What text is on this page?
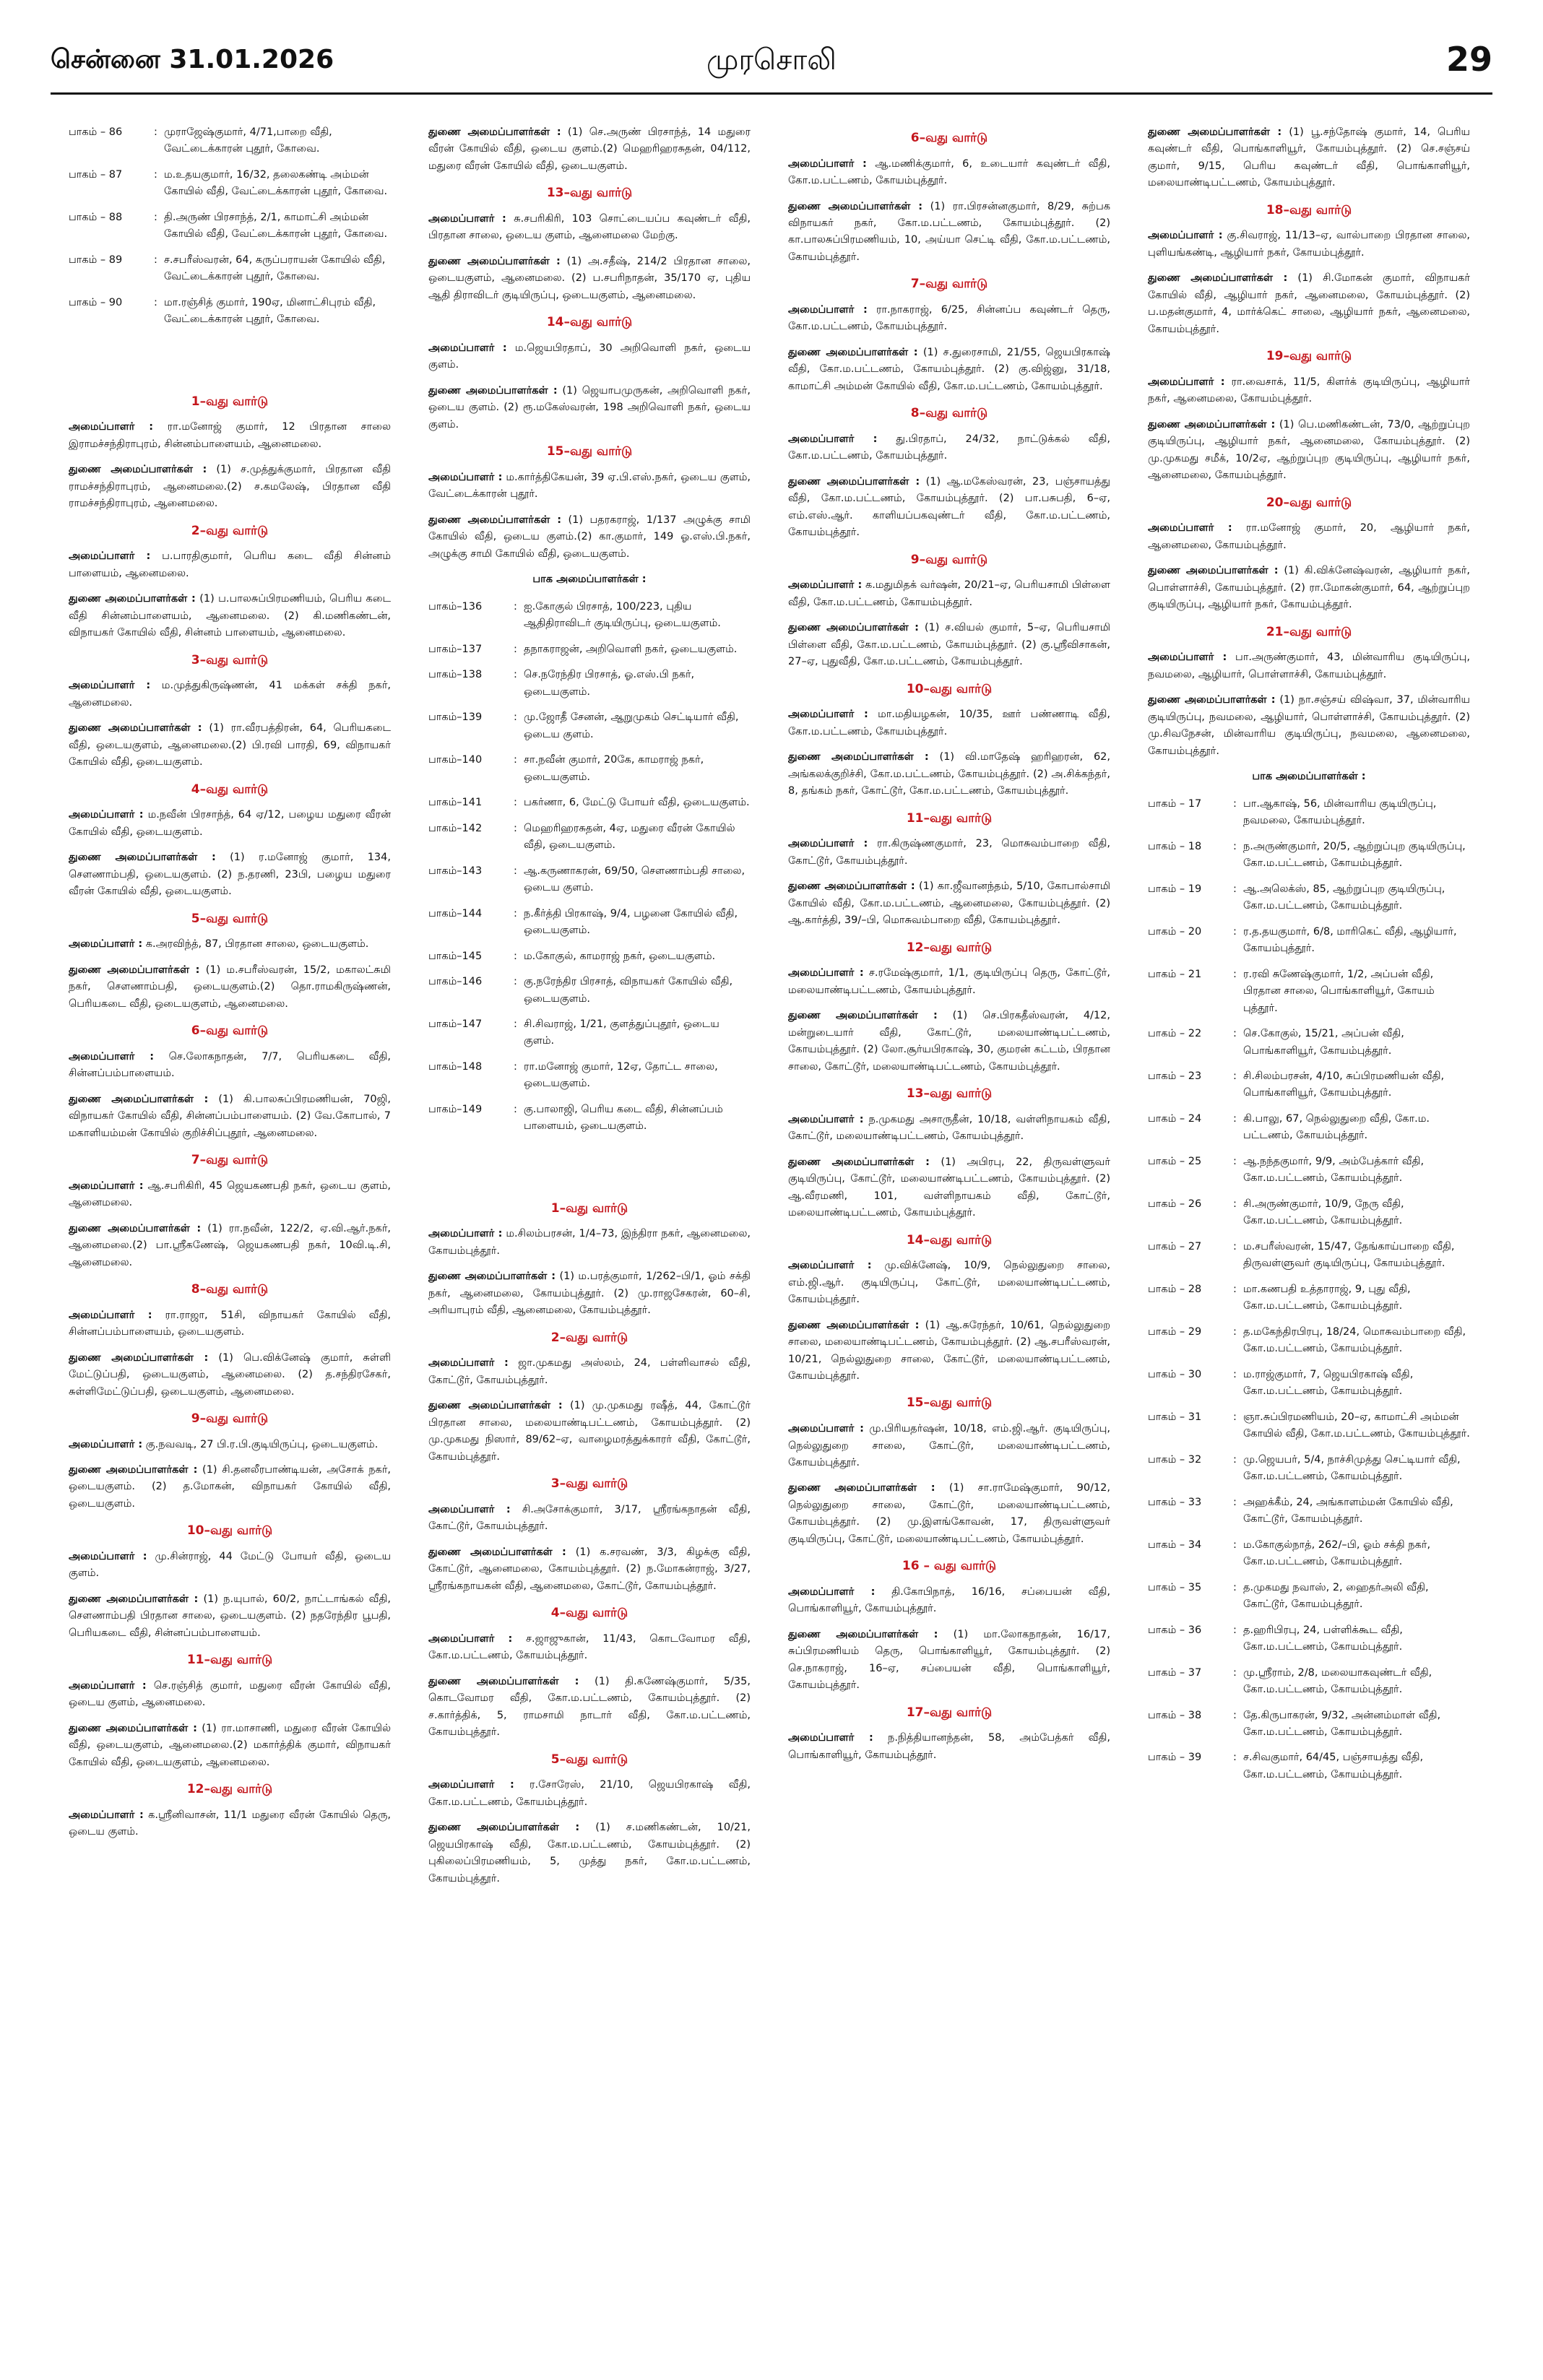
சென்னை 31.01.2026	முரசொலி	29
பாகம் – 86	: முராஜேஷ்குமார், 4/71,பாறை வீதி, வேட்டைக்காரன் புதூர், கோவை.
பாகம் – 87	: ம.உதயகுமார், 16/32, தலைகண்டி அம்மன் கோயில் வீதி, வேட்டைக்காரன் புதூர், கோவை.
பாகம் – 88	: தி.அருண் பிரசாந்த், 2/1, காமாட்சி அம்மன் கோயில் வீதி, வேட்டைக்காரன் புதூர், கோவை.
பாகம் – 89	: ச.சபரீஸ்வரன், 64, கருப்பராயன் கோயில் வீதி, வேட்டைக்காரன் புதூர், கோவை.
பாகம் – 90	: மா.ரஞ்சித் குமார், 190ஏ, மினாட்சிபுரம் வீதி, வேட்டைக்காரன் புதூர், கோவை.
1–வது வார்டு
அமைப்பாளர் : ரா.மனோஜ் குமார், 12 பிரதான சாலை இராமச்சந்திராபுரம், சின்னம்பாளையம், ஆனைமலை.
துணை அமைப்பாளர்கள் : (1) ச.முத்துக்குமார், பிரதான வீதி ராமச்சந்திராபுரம், ஆனைமலை.(2) ச.கமலேஷ், பிரதான வீதி ராமச்சந்திராபுரம், ஆனைமலை.
2–வது வார்டு
அமைப்பாளர் : ப.பாரதிகுமார், பெரிய கடை வீதி சின்னம் பாளையம், ஆனைமலை.
துணை அமைப்பாளர்கள் : (1) ப.பாலசுப்பிரமணியம், பெரிய கடை வீதி சின்னம்பாளையம், ஆனைமலை. (2) கி.மணிகண்டன், விநாயகர் கோயில் வீதி, சின்னம் பாளையம், ஆனைமலை.
3–வது வார்டு
அமைப்பாளர் : ம.முத்துகிருஷ்ணன், 41 மக்கள் சக்தி நகர், ஆனைமலை.
துணை அமைப்பாளர்கள் : (1) ரா.வீரபத்திரன், 64, பெரியகடை வீதி, ஒடையகுளம், ஆனைமலை.(2) பி.ரவி பாரதி, 69, விநாயகர் கோயில் வீதி, ஒடையகுளம்.
4–வது வார்டு
அமைப்பாளர் : ம.நவீன் பிரசாந்த், 64 ஏ/12, பழைய மதுரை வீரன் கோயில் வீதி, ஒடையகுளம்.
துணை அமைப்பாளர்கள் : (1) ர.மனோஜ் குமார், 134, சௌணாம்பதி, ஒடையகுளம். (2) ந.தரணி, 23பி, பழைய மதுரை வீரன் கோயில் வீதி, ஒடையகுளம்.
5–வது வார்டு
அமைப்பாளர் : க.அரவிந்த், 87, பிரதான சாலை, ஒடையகுளம்.
துணை அமைப்பாளர்கள் : (1) ம.சபரீஸ்வரன், 15/2, மகாலட்சுமி நகர், சௌணாம்பதி, ஒடையகுளம்.(2) தொ.ராமகிருஷ்ணன், பெரியகடை வீதி, ஒடையகுளம், ஆனைமலை.
6–வது வார்டு
அமைப்பாளர் : செ.லோகநாதன், 7/7, பெரியகடை வீதி, சின்னப்பம்பாளையம்.
துணை அமைப்பாளர்கள் : (1) கி.பாலசுப்பிரமணியன், 70ஜி, விநாயகர் கோயில் வீதி, சின்னப்பம்பாளையம். (2) வே.கோபால், 7 மகாளியம்மன் கோயில் குறிச்சிப்புதூர், ஆனைமலை.
7–வது வார்டு
அமைப்பாளர் : ஆ.சபரிகிரி, 45 ஜெயகணபதி நகர், ஒடைய குளம், ஆனைமலை.
துணை அமைப்பாளர்கள் : (1) ரா.நவீன், 122/2, ஏ.வி.ஆர்.நகர், ஆனைமலை.(2) பா.ஸ்ரீகணேஷ், ஜெயகணபதி நகர், 10வி.டி.சி, ஆனைமலை.
8–வது வார்டு
அமைப்பாளர் : ரா.ராஜா, 51சி, விநாயகர் கோயில் வீதி, சின்னப்பம்பாளையம், ஒடையகுளம்.
துணை அமைப்பாளர்கள் : (1) பெ.விக்னேஷ் குமார், சுள்ளி மேட்டுப்பதி, ஒடையகுளம், ஆனைமலை. (2) த.சந்திரசேகர், சுள்ளிமேட்டுப்பதி, ஒடையகுளம், ஆனைமலை.
9–வது வார்டு
அமைப்பாளர் : கு.நவவடி, 27 பி.ர.பி.குடியிருப்பு, ஒடையகுளம்.
துணை அமைப்பாளர்கள் : (1) சி.தனலீரபாண்டியன், அசோக் நகர், ஒடையகுளம். (2) த.மோகன், விநாயகர் கோயில் வீதி, ஒடையகுளம்.
10–வது வார்டு
அமைப்பாளர் : மு.சின்ராஜ், 44 மேட்டு போயர் வீதி, ஒடைய குளம்.
துணை அமைப்பாளர்கள் : (1) ந.யுபால், 60/2, நாட்டாங்கல் வீதி, சௌணாம்பதி பிரதான சாலை, ஒடையகுளம். (2) நதரேந்திர பூபதி, பெரியகடை வீதி, சின்னப்பம்பாளையம்.
11–வது வார்டு
அமைப்பாளர் : செ.ரஞ்சித் குமார், மதுரை வீரன் கோயில் வீதி, ஒடைய குளம், ஆனைமலை.
துணை அமைப்பாளர்கள் : (1) ரா.மாசாணி, மதுரை வீரன் கோயில் வீதி, ஒடையகுளம், ஆனைமலை.(2) மகார்த்திக் குமார், விநாயகர் கோயில் வீதி, ஒடையகுளம், ஆனைமலை.
12–வது வார்டு
அமைப்பாளர் : க.ஸ்ரீனிவாசன், 11/1 மதுரை வீரன் கோயில் தெரு, ஒடைய குளம்.
துணை அமைப்பாளர்கள் : (1) செ.அருண் பிரசாந்த், 14 மதுரை வீரன் கோயில் வீதி, ஒடைய குளம்.(2) மெஹரிஹரசுதன், 04/112, மதுரை வீரன் கோயில் வீதி, ஒடையகுளம்.
13–வது வார்டு
அமைப்பாளர் : சு.சபரிகிரி, 103 சொட்டையப்ப கவுண்டர் வீதி, பிரதான சாலை, ஒடைய குளம், ஆனைமலை மேற்கு.
துணை அமைப்பாளர்கள் : (1) அ.சதீஷ், 214/2 பிரதான சாலை, ஒடையகுளம், ஆனைமலை. (2) ப.சபரிநாதன், 35/170 ஏ, புதிய ஆதி திராவிடர் குடியிருப்பு, ஒடையகுளம், ஆனைமலை.
14–வது வார்டு
அமைப்பாளர் : ம.ஜெயபிரதாப், 30 அறிவொளி நகர், ஒடைய குளம்.
துணை அமைப்பாளர்கள் : (1) ஜெயாபமுருகன், அறிவொளி நகர், ஒடைய குளம். (2) ரூ.மகேஸ்வரன், 198 அறிவொளி நகர், ஒடைய குளம்.
15–வது வார்டு
அமைப்பாளர் : ம.கார்த்திகேயன், 39 ஏ.பி.எஸ்.நகர், ஒடைய குளம், வேட்டைக்காரன் புதூர்.
துணை அமைப்பாளர்கள் : (1) பதரகராஜ், 1/137 அழுக்கு சாமி கோயில் வீதி, ஒடைய குளம்.(2) கா.குமார், 149 ஓ.எஸ்.பி.நகர், அழுக்கு சாமி கோயில் வீதி, ஒடையகுளம்.
பாக அமைப்பாளர்கள் :
பாகம்–136	: ஐ.கோகுல் பிரசாத், 100/223, புதிய ஆதிதிராவிடர் குடியிருப்பு, ஒடையகுளம்.
பாகம்–137	: தநாகராஜன், அறிவொளி நகர், ஒடையகுளம்.
பாகம்–138	: செ.நரேந்திர பிரசாத், ஓ.எஸ்.பி நகர், ஒடையகுளம்.
பாகம்–139	: மு.ஜோதீ சேனன், ஆறுமுகம் செட்டியார் வீதி, ஒடைய குளம்.
பாகம்–140	: சா.நவீன் குமார், 20கே, காமராஜ் நகர், ஒடையகுளம்.
பாகம்–141	: பகர்ணா, 6, மேட்டு போயர் வீதி, ஒடையகுளம்.
பாகம்–142	: மெஹரிஹரசுதன், 4ஏ, மதுரை வீரன் கோயில் வீதி, ஒடையகுளம்.
பாகம்–143	: ஆ.கருணாகரன், 69/50, சௌணாம்பதி சாலை, ஒடைய குளம்.
பாகம்–144	: ந.கீர்த்தி பிரகாஷ், 9/4, பழனை கோயில் வீதி, ஒடையகுளம்.
பாகம்–145	: ம.கோகுல், காமராஜ் நகர், ஒடையகுளம்.
பாகம்–146	: கு.நரேந்திர பிரசாத், விநாயகர் கோயில் வீதி, ஒடையகுளம்.
பாகம்–147	: சி.சிவராஜ், 1/21, குளத்துப்புதூர், ஒடைய குளம்.
பாகம்–148	: ரா.மனோஜ் குமார், 12ஏ, தோட்ட சாலை, ஒடையகுளம்.
பாகம்–149	: கு.பாலாஜி, பெரிய கடை வீதி, சின்னப்பம் பாளையம், ஒடையகுளம்.
1–வது வார்டு
அமைப்பாளர் : ம.சிலம்பரசன், 1/4–73, இந்திரா நகர், ஆனைமலை, கோயம்புத்தூர்.
துணை அமைப்பாளர்கள் : (1) ம.பரத்குமார், 1/262–பி/1, ஓம் சக்தி நகர், ஆனைமலை, கோயம்புத்தூர். (2) மு.ராஜசேகரன், 60–சி, அரியாபுரம் வீதி, ஆனைமலை, கோயம்புத்தூர்.
2–வது வார்டு
அமைப்பாளர் : ஜா.முகமது அஸ்லம், 24, பள்ளிவாசல் வீதி, கோட்டூர், கோயம்புத்தூர்.
துணை அமைப்பாளர்கள் : (1) மு.முகமது ரஷீத், 44, கோட்டூர் பிரதான சாலை, மலையாண்டிபட்டணம், கோயம்புத்தூர். (2) மு.முகமது நிஸார், 89/62–ஏ, வாழைமரத்துக்காரர் வீதி, கோட்டூர், கோயம்புத்தூர்.
3–வது வார்டு
அமைப்பாளர் : சி.அசோக்குமார், 3/17, ஸ்ரீரங்கநாதன் வீதி, கோட்டூர், கோயம்புத்தூர்.
துணை அமைப்பாளர்கள் : (1) க.சரவண், 3/3, கிழக்கு வீதி, கோட்டூர், ஆனைமலை, கோயம்புத்தூர். (2) ந.மோகன்ராஜ், 3/27, ஸ்ரீரங்கநாயகன் வீதி, ஆனைமலை, கோட்டூர், கோயம்புத்தூர்.
4–வது வார்டு
அமைப்பாளர் : ச.ஜாஜுகான், 11/43, கொடவோமர வீதி, கோ.ம.பட்டணம், கோயம்புத்தூர்.
துணை அமைப்பாளர்கள் : (1) தி.கணேஷ்குமார், 5/35, கொடவோமர வீதி, கோ.ம.பட்டணம், கோயம்புத்தூர். (2) ச.கார்த்திக், 5, ராமசாமி நாடார் வீதி, கோ.ம.பட்டணம், கோயம்புத்தூர்.
5–வது வார்டு
அமைப்பாளர் : ர.சோரேஸ், 21/10, ஜெயபிரகாஷ் வீதி, கோ.ம.பட்டணம், கோயம்புத்தூர்.
துணை அமைப்பாளர்கள் : (1) ச.மணிகண்டன், 10/21, ஜெயபிரகாஷ் வீதி, கோ.ம.பட்டணம், கோயம்புத்தூர். (2) புகிலைப்பிரமணியம், 5, முத்து நகர், கோ.ம.பட்டணம், கோயம்புத்தூர்.
6–வது வார்டு
அமைப்பாளர் : ஆ.மணிக்குமார், 6, உடையார் கவுண்டர் வீதி, கோ.ம.பட்டணம், கோயம்புத்தூர்.
துணை அமைப்பாளர்கள் : (1) ரா.பிரசன்னகுமார், 8/29, சுற்பக விநாயகர் நகர், கோ.ம.பட்டணம், கோயம்புத்தூர். (2) கா.பாலசுப்பிரமணியம், 10, அய்யா செட்டி வீதி, கோ.ம.பட்டணம், கோயம்புத்தூர்.
7–வது வார்டு
அமைப்பாளர் : ரா.நாகராஜ், 6/25, சின்னப்ப கவுண்டர் தெரு, கோ.ம.பட்டணம், கோயம்புத்தூர்.
துணை அமைப்பாளர்கள் : (1) ச.துரைசாமி, 21/55, ஜெயபிரகாஷ் வீதி, கோ.ம.பட்டணம், கோயம்புத்தூர். (2) கு.விஜ்னு, 31/18, காமாட்சி அம்மன் கோயில் வீதி, கோ.ம.பட்டணம், கோயம்புத்தூர்.
8–வது வார்டு
அமைப்பாளர் : து.பிரதாப், 24/32, நாட்டுக்கல் வீதி, கோ.ம.பட்டணம், கோயம்புத்தூர்.
துணை அமைப்பாளர்கள் : (1) ஆ.மகேஸ்வரன், 23, பஞ்சாயத்து வீதி, கோ.ம.பட்டணம், கோயம்புத்தூர். (2) பா.பசுபதி, 6–ஏ, எம்.எஸ்.ஆர். காளியப்பகவுண்டர் வீதி, கோ.ம.பட்டணம், கோயம்புத்தூர்.
9–வது வார்டு
அமைப்பாளர் : க.மதுமிதக் வர்ஷன், 20/21–ஏ, பெரியசாமி பிள்ளை வீதி, கோ.ம.பட்டணம், கோயம்புத்தூர்.
துணை அமைப்பாளர்கள் : (1) ச.வியல் குமார், 5–ஏ, பெரியசாமி பிள்ளை வீதி, கோ.ம.பட்டணம், கோயம்புத்தூர். (2) கு.ஸ்ரீவிசாகன், 27–ஏ, புதுவீதி, கோ.ம.பட்டணம், கோயம்புத்தூர்.
10–வது வார்டு
அமைப்பாளர் : மா.மதியழகன், 10/35, ஊர் பண்ணாடி வீதி, கோ.ம.பட்டணம், கோயம்புத்தூர்.
துணை அமைப்பாளர்கள் : (1) வி.மாதேஷ் ஹரிஹரன், 62, அங்கலக்குறிச்சி, கோ.ம.பட்டணம், கோயம்புத்தூர். (2) அ.சிக்கந்தர், 8, தங்கம் நகர், கோட்டூர், கோ.ம.பட்டணம், கோயம்புத்தூர்.
11–வது வார்டு
அமைப்பாளர் : ரா.கிருஷ்ணகுமார், 23, மொசுவம்பாறை வீதி, கோட்டூர், கோயம்புத்தூர்.
துணை அமைப்பாளர்கள் : (1) கா.ஜீவானந்தம், 5/10, கோபால்சாமி கோயில் வீதி, கோ.ம.பட்டணம், ஆனைமலை, கோயம்புத்தூர். (2) ஆ.கார்த்தி, 39/–பி, மொசுவம்பாறை வீதி, கோயம்புத்தூர்.
12–வது வார்டு
அமைப்பாளர் : ச.ரமேஷ்குமார், 1/1, குடியிருப்பு தெரு, கோட்டூர், மலையாண்டிபட்டணம், கோயம்புத்தூர்.
துணை அமைப்பாளர்கள் : (1) செ.பிரகதீஸ்வரன், 4/12, மன்றுடையார் வீதி, கோட்டூர், மலையாண்டிபட்டணம், கோயம்புத்தூர். (2) லோ.சூர்யபிரகாஷ், 30, குமரன் கட்டம், பிரதான சாலை, கோட்டூர், மலையாண்டிபட்டணம், கோயம்புத்தூர்.
13–வது வார்டு
அமைப்பாளர் : ந.முகமது அசாருதீன், 10/18, வள்ளிநாயகம் வீதி, கோட்டூர், மலையாண்டிபட்டணம், கோயம்புத்தூர்.
துணை அமைப்பாளர்கள் : (1) அபிரபு, 22, திருவள்ளுவர் குடியிருப்பு, கோட்டூர், மலையாண்டிபட்டணம், கோயம்புத்தூர். (2) ஆ.வீரமணி, 101, வள்ளிநாயகம் வீதி, கோட்டூர், மலையாண்டிபட்டணம், கோயம்புத்தூர்.
14–வது வார்டு
அமைப்பாளர் : மு.விக்னேஷ், 10/9, நெல்லுதுறை சாலை, எம்.ஜி.ஆர். குடியிருப்பு, கோட்டூர், மலையாண்டிபட்டணம், கோயம்புத்தூர்.
துணை அமைப்பாளர்கள் : (1) ஆ.சுரேந்தர், 10/61, நெல்லுதுறை சாலை, மலையாண்டிபட்டணம், கோயம்புத்தூர். (2) ஆ.சபரீஸ்வரன், 10/21, நெல்லுதுறை சாலை, கோட்டூர், மலையாண்டிபட்டணம், கோயம்புத்தூர்.
15–வது வார்டு
அமைப்பாளர் : மு.பிரியதர்ஷன், 10/18, எம்.ஜி.ஆர். குடியிருப்பு, நெல்லுதுறை சாலை, கோட்டூர், மலையாண்டிபட்டணம், கோயம்புத்தூர்.
துணை அமைப்பாளர்கள் : (1) சா.ராமேஷ்குமார், 90/12, நெல்லுதுறை சாலை, கோட்டூர், மலையாண்டிபட்டணம், கோயம்புத்தூர். (2) மு.இளங்கோவன், 17, திருவள்ளுவர் குடியிருப்பு, கோட்டூர், மலையாண்டிபட்டணம், கோயம்புத்தூர்.
16 – வது வார்டு
அமைப்பாளர் : தி.கோபிநாத், 16/16, சப்பையன் வீதி, பொங்காளியூர், கோயம்புத்தூர்.
துணை அமைப்பாளர்கள் : (1) மா.லோகநாதன், 16/17, சுப்பிரமணியம் தெரு, பொங்காளியூர், கோயம்புத்தூர். (2) செ.நாகராஜ், 16–ஏ, சப்பையன் வீதி, பொங்காளியூர், கோயம்புத்தூர்.
17–வது வார்டு
அமைப்பாளர் : ந.நித்தியானந்தன், 58, அம்பேத்கர் வீதி, பொங்காளியூர், கோயம்புத்தூர்.
துணை அமைப்பாளர்கள் : (1) பூ.சந்தோஷ் குமார், 14, பெரிய கவுண்டர் வீதி, பொங்காளியூர், கோயம்புத்தூர். (2) செ.சஞ்சய் குமார், 9/15, பெரிய கவுண்டர் வீதி, பொங்காளியூர், மலையாண்டிபட்டணம், கோயம்புத்தூர்.
18–வது வார்டு
அமைப்பாளர் : கு.சிவராஜ், 11/13–ஏ, வால்பாறை பிரதான சாலை, புளியங்கண்டி, ஆழியார் நகர், கோயம்புத்தூர்.
துணை அமைப்பாளர்கள் : (1) சி.மோகன் குமார், விநாயகர் கோயில் வீதி, ஆழியார் நகர், ஆனைமலை, கோயம்புத்தூர். (2) ப.மதன்குமார், 4, மார்க்கெட் சாலை, ஆழியார் நகர், ஆனைமலை, கோயம்புத்தூர்.
19–வது வார்டு
அமைப்பாளர் : ரா.வைசாக், 11/5, கிளர்க் குடியிருப்பு, ஆழியார் நகர், ஆனைமலை, கோயம்புத்தூர்.
துணை அமைப்பாளர்கள் : (1) பெ.மணிகண்டன், 73/0, ஆற்றுப்புற குடியிருப்பு, ஆழியார் நகர், ஆனைமலை, கோயம்புத்தூர். (2) மு.முகமது சமீக், 10/2ஏ, ஆற்றுப்புற குடியிருப்பு, ஆழியார் நகர், ஆனைமலை, கோயம்புத்தூர்.
20–வது வார்டு
அமைப்பாளர் : ரா.மனோஜ் குமார், 20, ஆழியார் நகர், ஆனைமலை, கோயம்புத்தூர்.
துணை அமைப்பாளர்கள் : (1) கி.விக்னேஷ்வரன், ஆழியார் நகர், பொள்ளாச்சி, கோயம்புத்தூர். (2) ரா.மோகன்குமார், 64, ஆற்றுப்புற குடியிருப்பு, ஆழியார் நகர், கோயம்புத்தூர்.
21–வது வார்டு
அமைப்பாளர் : பா.அருண்குமார், 43, மின்வாரிய குடியிருப்பு, நவமலை, ஆழியார், பொள்ளாச்சி, கோயம்புத்தூர்.
துணை அமைப்பாளர்கள் : (1) நா.சஞ்சய் விஷ்வா, 37, மின்வாரிய குடியிருப்பு, நவமலை, ஆழியார், பொள்ளாச்சி, கோயம்புத்தூர். (2) மு.சிவநேசன், மின்வாரிய குடியிருப்பு, நவமலை, ஆனைமலை, கோயம்புத்தூர்.
பாக அமைப்பாளர்கள் :
பாகம் – 17	: பா.ஆகாஷ், 56, மின்வாரிய குடியிருப்பு, நவமலை, கோயம்புத்தூர்.
பாகம் – 18	: ந.அருண்குமார், 20/5, ஆற்றுப்புற குடியிருப்பு, கோ.ம.பட்டணம், கோயம்புத்தூர்.
பாகம் – 19	: ஆ.அலெக்ஸ், 85, ஆற்றுப்புற குடியிருப்பு, கோ.ம.பட்டணம், கோயம்புத்தூர்.
பாகம் – 20	: ர.த.தயகுமார், 6/8, மாரிகெட் வீதி, ஆழியார், கோயம்புத்தூர்.
பாகம் – 21	: ர.ரவி சுணேஷ்குமார், 1/2, அப்பன் வீதி, பிரதான சாலை, பொங்காளியூர், கோயம் புத்தூர்.
பாகம் – 22	: செ.கோகுல், 15/21, அப்பன் வீதி, பொங்காளியூர், கோயம்புத்தூர்.
பாகம் – 23	: சி.சிலம்பரசன், 4/10, சுப்பிரமணியன் வீதி, பொங்காளியூர், கோயம்புத்தூர்.
பாகம் – 24	: கி.பாலு, 67, நெல்லுதுறை வீதி, கோ.ம. பட்டணம், கோயம்புத்தூர்.
பாகம் – 25	: ஆ.நந்தகுமார், 9/9, அம்பேத்கார் வீதி, கோ.ம.பட்டணம், கோயம்புத்தூர்.
பாகம் – 26	: சி.அருண்குமார், 10/9, நேரு வீதி, கோ.ம.பட்டணம், கோயம்புத்தூர்.
பாகம் – 27	: ம.சபரீஸ்வரன், 15/47, தேங்காய்பாறை வீதி, திருவள்ளுவர் குடியிருப்பு, கோயம்புத்தூர்.
பாகம் – 28	: மா.கணபதி உத்தாராஜ், 9, புது வீதி, கோ.ம.பட்டணம், கோயம்புத்தூர்.
பாகம் – 29	: த.மகேந்திரபிரபு, 18/24, மொசுவம்பாறை வீதி, கோ.ம.பட்டணம், கோயம்புத்தூர்.
பாகம் – 30	: ம.ராஜ்குமார், 7, ஜெயபிரகாஷ் வீதி, கோ.ம.பட்டணம், கோயம்புத்தூர்.
பாகம் – 31	: ஞா.சுப்பிரமணியம், 20–ஏ, காமாட்சி அம்மன் கோயில் வீதி, கோ.ம.பட்டணம், கோயம்புத்தூர்.
பாகம் – 32	: மு.ஜெயபர், 5/4, நாச்சிமுத்து செட்டியார் வீதி, கோ.ம.பட்டணம், கோயம்புத்தூர்.
பாகம் – 33	: அஹக்கீம், 24, அங்காளம்மன் கோயில் வீதி, கோட்டூர், கோயம்புத்தூர்.
பாகம் – 34	: ம.கோகுல்நாத், 262/–பி, ஓம் சக்தி நகர், கோ.ம.பட்டணம், கோயம்புத்தூர்.
பாகம் – 35	: த.முகமது நவாஸ், 2, ஹைதர்அலி வீதி, கோட்டூர், கோயம்புத்தூர்.
பாகம் – 36	: த.ஹரிபிரபு, 24, பள்ளிக்கூட வீதி, கோ.ம.பட்டணம், கோயம்புத்தூர்.
பாகம் – 37	: மு.ஸ்ரீராம், 2/8, மலையாகவுண்டர் வீதி, கோ.ம.பட்டணம், கோயம்புத்தூர்.
பாகம் – 38	: தே.கிருபாகரன், 9/32, அன்னம்மாள் வீதி, கோ.ம.பட்டணம், கோயம்புத்தூர்.
பாகம் – 39	: ச.சிவகுமார், 64/45, பஞ்சாயத்து வீதி, கோ.ம.பட்டணம், கோயம்புத்தூர்.
